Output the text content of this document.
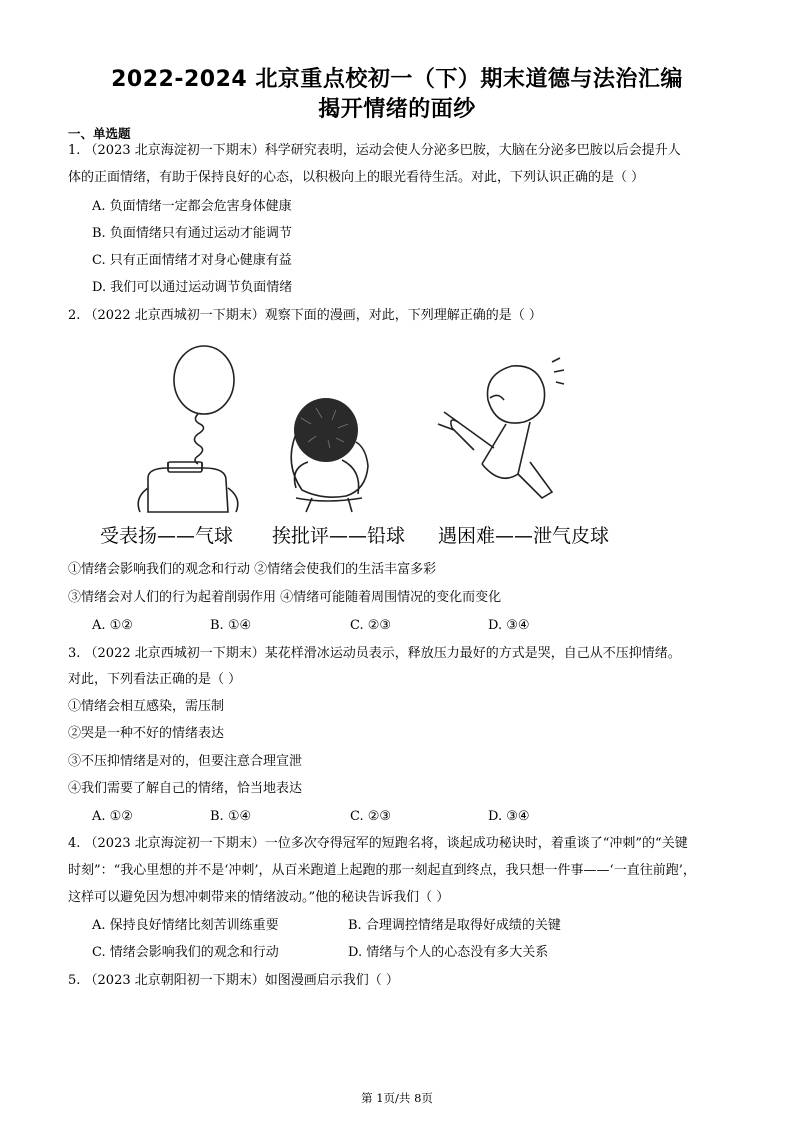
2022-2024 北京重点校初一（下）期末道德与法治汇编
揭开情绪的面纱
一、单选题
1. （2023 北京海淀初一下期末）科学研究表明，运动会使人分泌多巴胺，大脑在分泌多巴胺以后会提升人
体的正面情绪，有助于保持良好的心态，以积极向上的眼光看待生活。对此，下列认识正确的是（ ）
A. 负面情绪一定都会危害身体健康
B. 负面情绪只有通过运动才能调节
C. 只有正面情绪才对身心健康有益
D. 我们可以通过运动调节负面情绪
2. （2022 北京西城初一下期末）观察下面的漫画，对此，下列理解正确的是（ ）
受表扬——气球 挨批评——铅球 遇困难——泄气皮球
①情绪会影响我们的观念和行动 ②情绪会使我们的生活丰富多彩
③情绪会对人们的行为起着削弱作用 ④情绪可能随着周围情况的变化而变化
A. ①②	B. ①④	C. ②③	D. ③④
3. （2022 北京西城初一下期末）某花样滑冰运动员表示，释放压力最好的方式是哭，自己从不压抑情绪。
对此，下列看法正确的是（ ）
①情绪会相互感染，需压制
②哭是一种不好的情绪表达
③不压抑情绪是对的，但要注意合理宣泄
④我们需要了解自己的情绪，恰当地表达
A. ①②	B. ①④	C. ②③	D. ③④
4. （2023 北京海淀初一下期末）一位多次夺得冠军的短跑名将，谈起成功秘诀时，着重谈了“冲刺”的“关键
时刻”：“我心里想的并不是‘冲刺’，从百米跑道上起跑的那一刻起直到终点，我只想一件事——‘一直往前跑’，
这样可以避免因为想冲刺带来的情绪波动。”他的秘诀告诉我们（ ）
A. 保持良好情绪比刻苦训练重要	B. 合理调控情绪是取得好成绩的关键
C. 情绪会影响我们的观念和行动	D. 情绪与个人的心态没有多大关系
5. （2023 北京朝阳初一下期末）如图漫画启示我们（ ）
第 1页/共 8页
